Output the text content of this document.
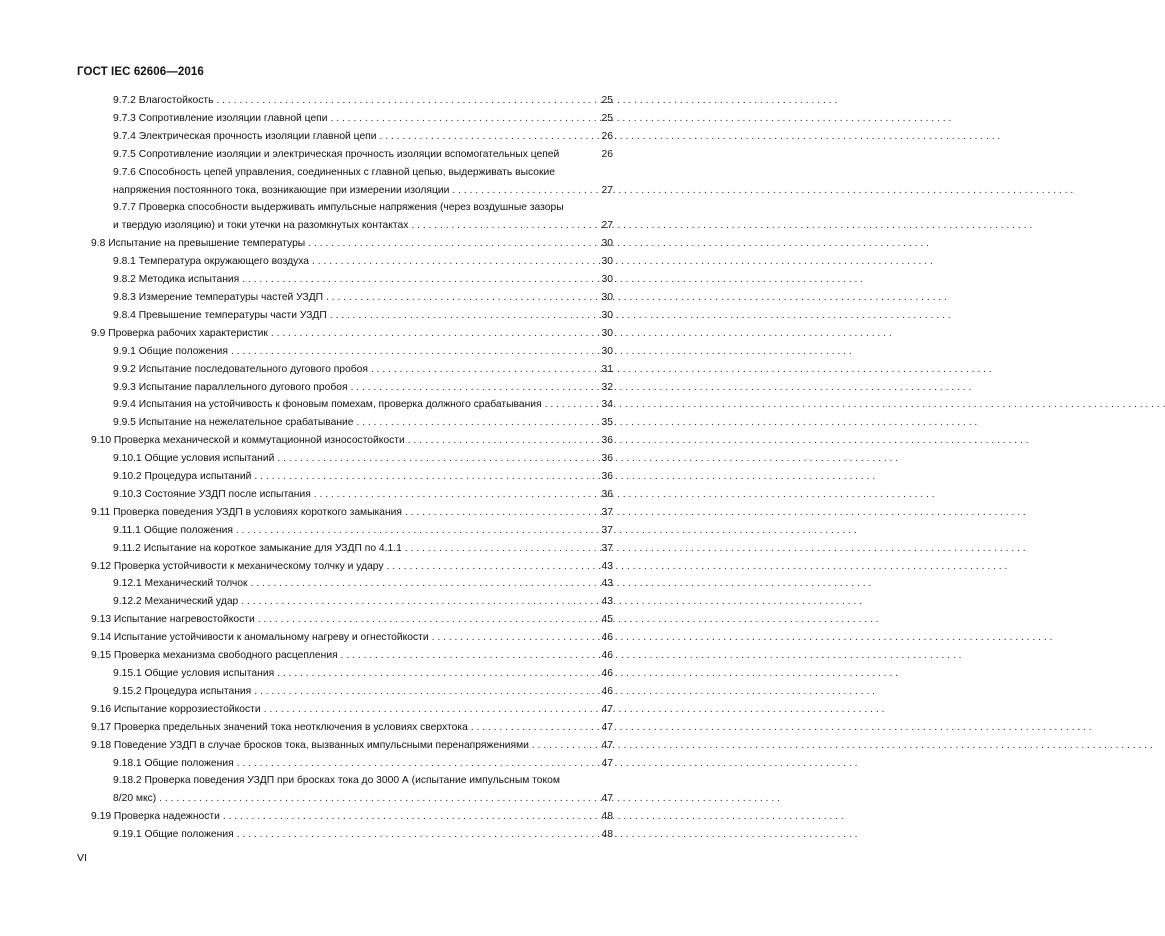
ГОСТ IEC 62606—2016
9.7.2 Влагостойкость . . .	25
9.7.3 Сопротивление изоляции главной цепи . . .	25
9.7.4 Электрическая прочность изоляции главной цепи . . .	26
9.7.5 Сопротивление изоляции и электрическая прочность изоляции вспомогательных цепей	26
9.7.6 Способность цепей управления, соединенных с главной цепью, выдерживать высокие
напряжения постоянного тока, возникающие при измерении изоляции . . .	27
9.7.7 Проверка способности выдерживать импульсные напряжения (через воздушные зазоры
и твердую изоляцию) и токи утечки на разомкнутых контактах . . .	27
9.8 Испытание на превышение температуры . . .	30
9.8.1 Температура окружающего воздуха . . .	30
9.8.2 Методика испытания . . .	30
9.8.3 Измерение температуры частей УЗДП . . .	30
9.8.4 Превышение температуры части УЗДП . . .	30
9.9 Проверка рабочих характеристик . . .	30
9.9.1 Общие положения . . .	30
9.9.2 Испытание последовательного дугового пробоя . . .	31
9.9.3 Испытание параллельного дугового пробоя . . .	32
9.9.4 Испытания на устойчивость к фоновым помехам, проверка должного срабатывания . . .	34
9.9.5 Испытание на нежелательное срабатывание . . .	35
9.10 Проверка механической и коммутационной износостойкости . . .	36
9.10.1 Общие условия испытаний . . .	36
9.10.2 Процедура испытаний . . .	36
9.10.3 Состояние УЗДП после испытания . . .	36
9.11 Проверка поведения УЗДП в условиях короткого замыкания . . .	37
9.11.1 Общие положения . . .	37
9.11.2 Испытание на короткое замыкание для УЗДП по 4.1.1 . . .	37
9.12 Проверка устойчивости к механическому толчку и удару . . .	43
9.12.1 Механический толчок . . .	43
9.12.2 Механический удар . . .	43
9.13 Испытание нагревостойкости . . .	45
9.14 Испытание устойчивости к аномальному нагреву и огнестойкости . . .	46
9.15 Проверка механизма свободного расцепления . . .	46
9.15.1 Общие условия испытания . . .	46
9.15.2 Процедура испытания . . .	46
9.16 Испытание коррозиестойкости . . .	47
9.17 Проверка предельных значений тока неотключения в условиях сверхтока . . .	47
9.18 Поведение УЗДП в случае бросков тока, вызванных импульсными перенапряжениями . . .	47
9.18.1 Общие положения . . .	47
9.18.2 Проверка поведения УЗДП при бросках тока до 3000 А (испытание импульсным током
8/20 мкс) . . .	47
9.19 Проверка надежности . . .	48
9.19.1 Общие положения . . .	48
VI
